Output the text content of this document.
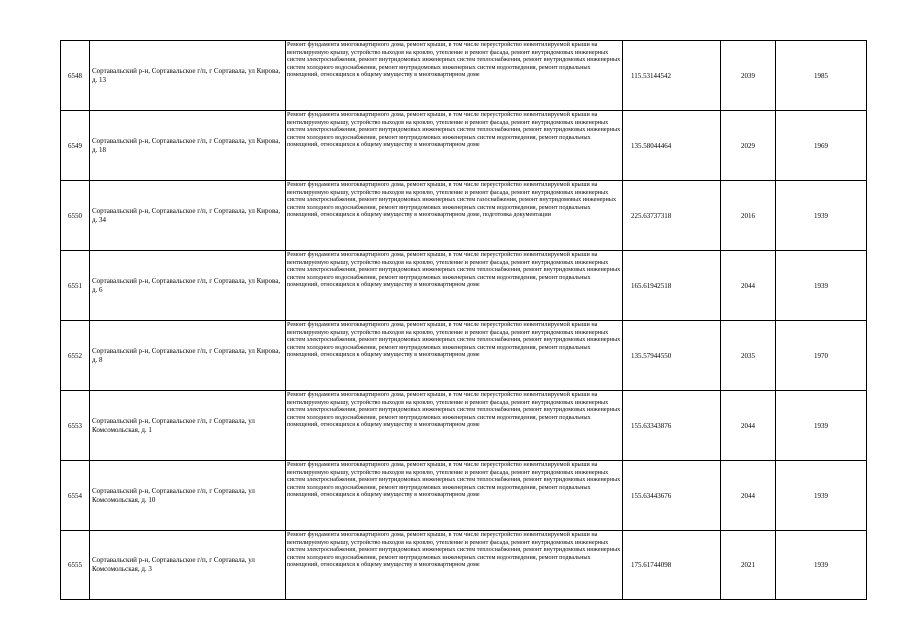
6548	Сортавальский р-н, Сортавальское г/п, г Сортавала, ул Кирова, д. 13	Ремонт фундамента многоквартирного дома, ремонт крыши, в том числе переустройство невентилируемой крыши на вентилируемую крышу, устройство выходов на кровлю, утепление и ремонт фасада, ремонт внутридомовых инженерных систем электроснабжения, ремонт внутридомовых инженерных систем теплоснабжения, ремонт внутридомовых инженерных систем холодного водоснабжения, ремонт внутридомовых инженерных систем водоотведения, ремонт подвальных помещений, относящихся к общему имуществу в многоквартирном доме	115.53144542	2039	1985
6549	Сортавальский р-н, Сортавальское г/п, г Сортавала, ул Кирова, д. 18	Ремонт фундамента многоквартирного дома, ремонт крыши, в том числе переустройство невентилируемой крыши на вентилируемую крышу, устройство выходов на кровлю, утепление и ремонт фасада, ремонт внутридомовых инженерных систем электроснабжения, ремонт внутридомовых инженерных систем теплоснабжения, ремонт внутридомовых инженерных систем холодного водоснабжения, ремонт внутридомовых инженерных систем водоотведения, ремонт подвальных помещений, относящихся к общему имуществу в многоквартирном доме	135.58044464	2029	1969
6550	Сортавальский р-н, Сортавальское г/п, г Сортавала, ул Кирова, д. 34	Ремонт фундамента многоквартирного дома, ремонт крыши, в том числе переустройство невентилируемой крыши на вентилируемую крышу, устройство выходов на кровлю, утепление и ремонт фасада, ремонт внутридомовых инженерных систем электроснабжения, ремонт внутридомовых инженерных систем газоснабжения, ремонт внутридомовых инженерных систем холодного водоснабжения, ремонт внутридомовых инженерных систем водоотведения, ремонт подвальных помещений, относящихся к общему имуществу в многоквартирном доме, подготовка документации	225.63737318	2016	1939
6551	Сортавальский р-н, Сортавальское г/п, г Сортавала, ул Кирова, д. 6	Ремонт фундамента многоквартирного дома, ремонт крыши, в том числе переустройство невентилируемой крыши на вентилируемую крышу, устройство выходов на кровлю, утепление и ремонт фасада, ремонт внутридомовых инженерных систем электроснабжения, ремонт внутридомовых инженерных систем теплоснабжения, ремонт внутридомовых инженерных систем холодного водоснабжения, ремонт внутридомовых инженерных систем водоотведения, ремонт подвальных помещений, относящихся к общему имуществу в многоквартирном доме	165.61942518	2044	1939
6552	Сортавальский р-н, Сортавальское г/п, г Сортавала, ул Кирова, д. 8	Ремонт фундамента многоквартирного дома, ремонт крыши, в том числе переустройство невентилируемой крыши на вентилируемую крышу, устройство выходов на кровлю, утепление и ремонт фасада, ремонт внутридомовых инженерных систем электроснабжения, ремонт внутридомовых инженерных систем теплоснабжения, ремонт внутридомовых инженерных систем холодного водоснабжения, ремонт внутридомовых инженерных систем водоотведения, ремонт подвальных помещений, относящихся к общему имуществу в многоквартирном доме	135.57944550	2035	1970
6553	Сортавальский р-н, Сортавальское г/п, г Сортавала, ул Комсомольская, д. 1	Ремонт фундамента многоквартирного дома, ремонт крыши, в том числе переустройство невентилируемой крыши на вентилируемую крышу, устройство выходов на кровлю, утепление и ремонт фасада, ремонт внутридомовых инженерных систем электроснабжения, ремонт внутридомовых инженерных систем теплоснабжения, ремонт внутридомовых инженерных систем холодного водоснабжения, ремонт внутридомовых инженерных систем водоотведения, ремонт подвальных помещений, относящихся к общему имуществу в многоквартирном доме	155.63343876	2044	1939
6554	Сортавальский р-н, Сортавальское г/п, г Сортавала, ул Комсомольская, д. 10	Ремонт фундамента многоквартирного дома, ремонт крыши, в том числе переустройство невентилируемой крыши на вентилируемую крышу, устройство выходов на кровлю, утепление и ремонт фасада, ремонт внутридомовых инженерных систем электроснабжения, ремонт внутридомовых инженерных систем теплоснабжения, ремонт внутридомовых инженерных систем холодного водоснабжения, ремонт внутридомовых инженерных систем водоотведения, ремонт подвальных помещений, относящихся к общему имуществу в многоквартирном доме	155.63443676	2044	1939
6555	Сортавальский р-н, Сортавальское г/п, г Сортавала, ул Комсомольская, д. 3	Ремонт фундамента многоквартирного дома, ремонт крыши, в том числе переустройство невентилируемой крыши на вентилируемую крышу, устройство выходов на кровлю, утепление и ремонт фасада, ремонт внутридомовых инженерных систем электроснабжения, ремонт внутридомовых инженерных систем теплоснабжения, ремонт внутридомовых инженерных систем холодного водоснабжения, ремонт внутридомовых инженерных систем водоотведения, ремонт подвальных помещений, относящихся к общему имуществу в многоквартирном доме	175.61744098	2021	1939
